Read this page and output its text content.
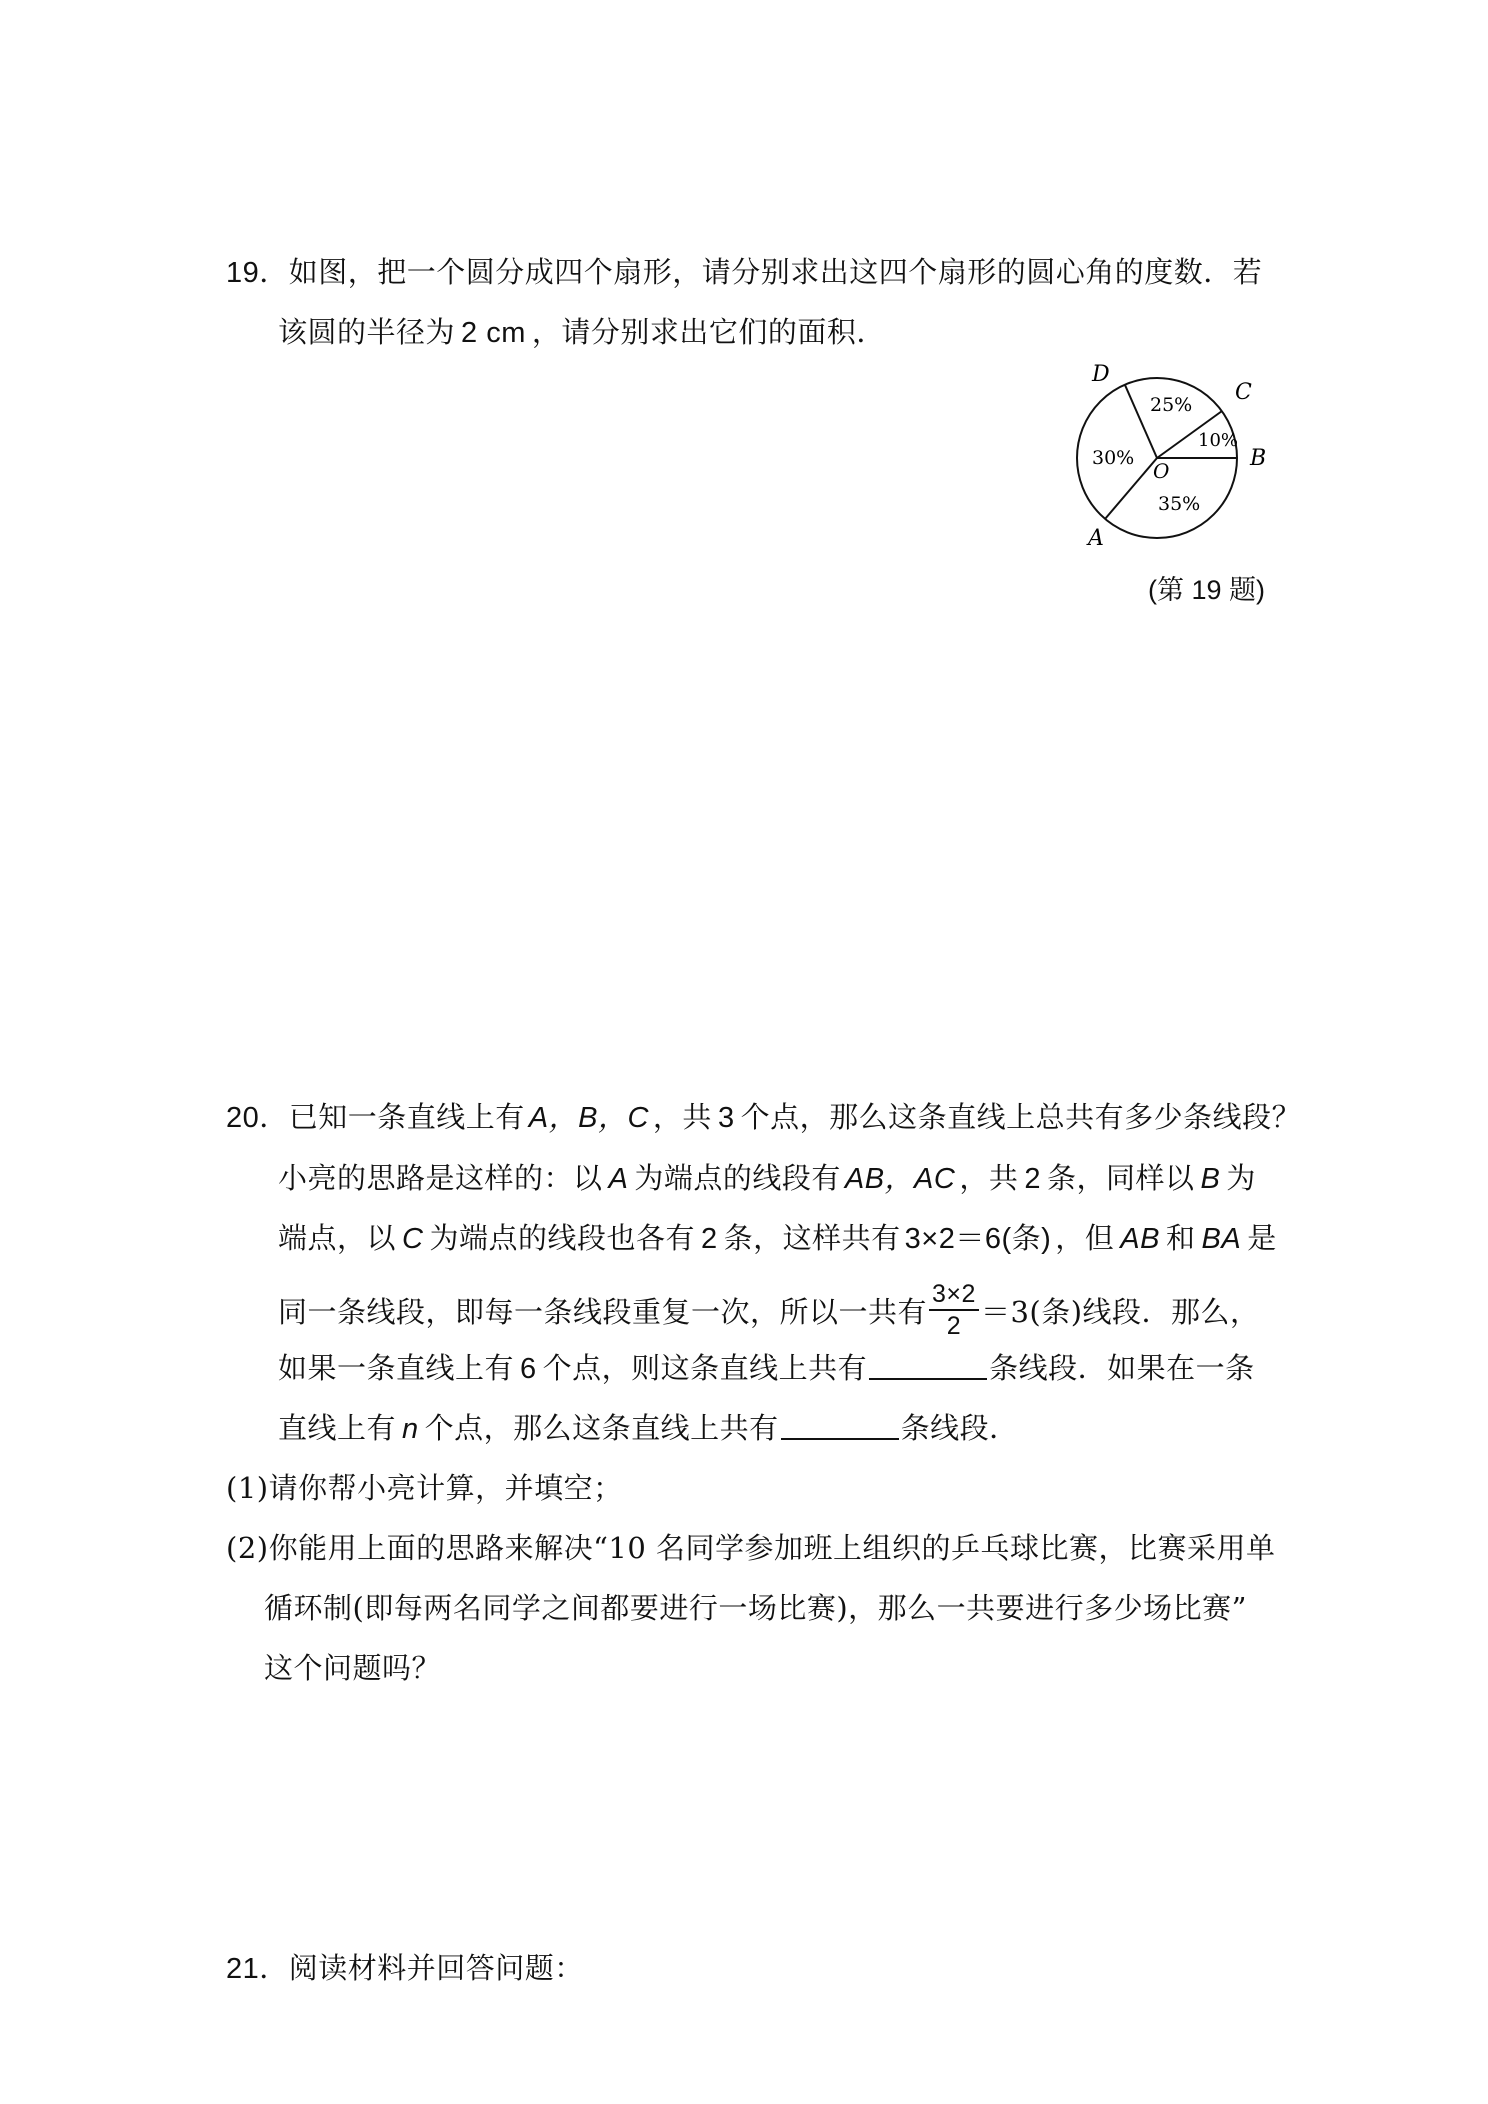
19．如图，把一个圆分成四个扇形，请分别求出这四个扇形的圆心角的度数．若
该圆的半径为 2 cm ，请分别求出它们的面积．
D
C
B
A
O
25%
10%
30%
35%
(第 19 题)
20．已知一条直线上有 A，B，C ，共 3 个点，那么这条直线上总共有多少条线段？
小亮的思路是这样的：以 A 为端点的线段有 AB，AC ，共 2 条，同样以 B 为
端点，以 C 为端点的线段也各有 2 条，这样共有 3×2＝6(条) ，但 AB 和 BA 是
同一条线段，即每一条线段重复一次，所以一共有 $\frac{3\times 2}{2} =3$(条)线段．那么，
如果一条直线上有 6 个点，则这条直线上共有	条线段．如果在一条
直线上有 n 个点，那么这条直线上共有	条线段．
(1)请你帮小亮计算，并填空；
(2)你能用上面的思路来解决“10 名同学参加班上组织的乒乓球比赛，比赛采用单
循环制(即每两名同学之间都要进行一场比赛)，那么一共要进行多少场比赛”
这个问题吗？
21．阅读材料并回答问题：
